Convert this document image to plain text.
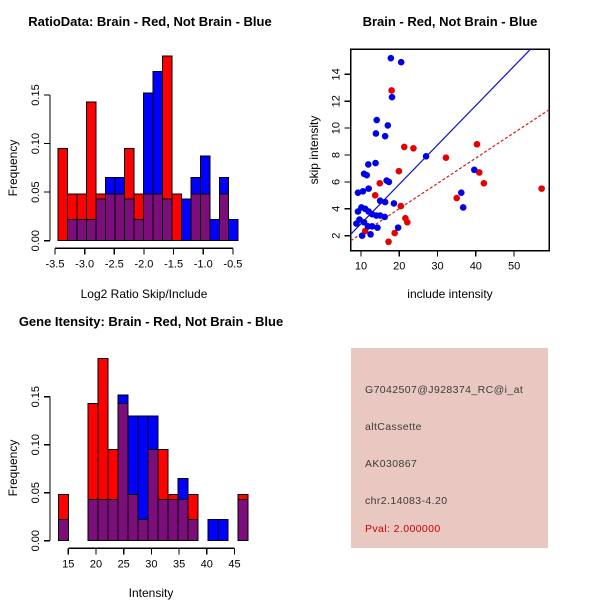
RatioData: Brain - Red, Not Brain - Blue
Log2 Ratio Skip/Include
Frequency
-3.5 -3.0 -2.5 -2.0 -1.5 -1.0 -0.5
0.00
0.05
0.10
0.15
Brain - Red, Not Brain - Blue
include intensity
skip intensity
10 20 30 40 50
2
4
6
8
10
12
14
Gene Itensity: Brain - Red, Not Brain - Blue
Intensity
Frequency
15 20 25 30 35 40 45
0.00
0.05
0.10
0.15	G7042507@J928374_RC@i_at
altCassette
AK030867
chr2.14083-4.20
Pval: 2.000000
